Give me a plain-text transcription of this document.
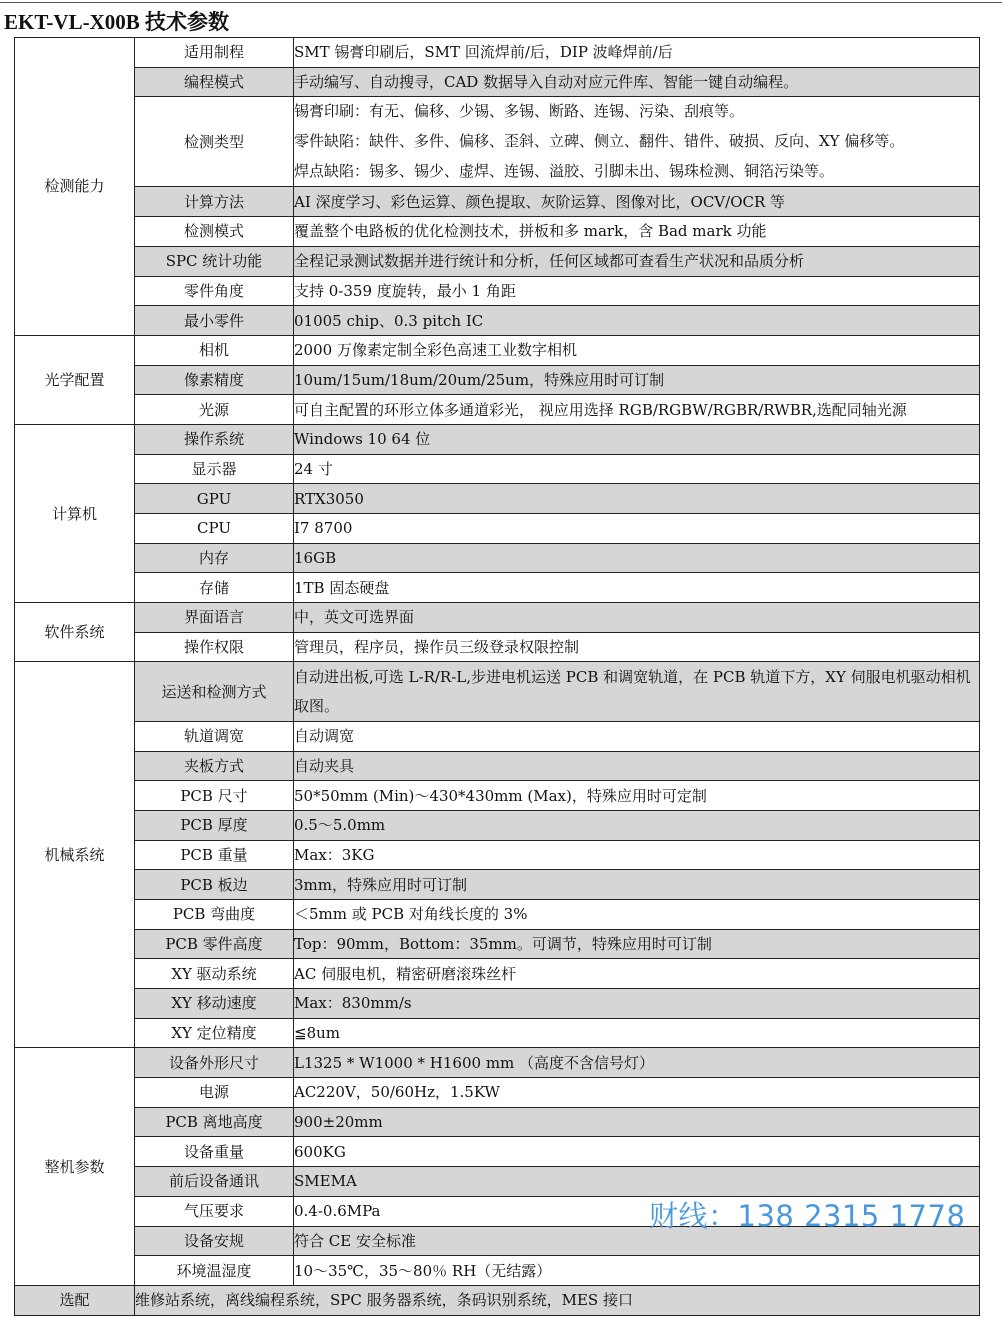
EKT-VL-X00B 技术参数
检测能力	适用制程	SMT 锡膏印刷后，SMT 回流焊前/后，DIP 波峰焊前/后
	编程模式	手动编写、自动搜寻，CAD 数据导入自动对应元件库、智能一键自动编程。
	检测类型	锡膏印刷：有无、偏移、少锡、多锡、断路、连锡、污染、刮痕等。
零件缺陷：缺件、多件、偏移、歪斜、立碑、侧立、翻件、错件、破损、反向、XY 偏移等。
焊点缺陷：锡多、锡少、虚焊、连锡、溢胶、引脚未出、锡珠检测、铜箔污染等。

	计算方法	AI 深度学习、彩色运算、颜色提取、灰阶运算、图像对比，OCV/OCR 等
	检测模式	覆盖整个电路板的优化检测技术，拼板和多 mark，含 Bad mark 功能
	SPC 统计功能	全程记录测试数据并进行统计和分析，任何区域都可查看生产状况和品质分析
	零件角度	支持 0-359 度旋转，最小 1 角距
	最小零件	01005 chip、0.3 pitch IC
光学配置	相机	2000 万像素定制全彩色高速工业数字相机
	像素精度	10um/15um/18um/20um/25um，特殊应用时可订制
	光源	可自主配置的环形立体多通道彩光， 视应用选择 RGB/RGBW/RGBR/RWBR,选配同轴光源
计算机	操作系统	Windows 10 64 位
	显示器	24 寸
	GPU	RTX3050
	CPU	I7 8700
	内存	16GB
	存储	1TB 固态硬盘
软件系统	界面语言	中，英文可选界面
	操作权限	管理员，程序员，操作员三级登录权限控制
机械系统	运送和检测方式	自动进出板,可选 L-R/R-L,步进电机运送 PCB 和调宽轨道，在 PCB 轨道下方，XY 伺服电机驱动相机取图。
	轨道调宽	自动调宽
	夹板方式	自动夹具
	PCB 尺寸	50*50mm (Min)～430*430mm (Max)，特殊应用时可定制
	PCB 厚度	0.5～5.0mm
	PCB 重量	Max：3KG
	PCB 板边	3mm，特殊应用时可订制
	PCB 弯曲度	＜5mm 或 PCB 对角线长度的 3%
	PCB 零件高度	Top：90mm，Bottom：35mm。可调节，特殊应用时可订制
	XY 驱动系统	AC 伺服电机，精密研磨滚珠丝杆
	XY 移动速度	Max：830mm/s
	XY 定位精度	≦8um
整机参数	设备外形尺寸	L1325 * W1000 * H1600 mm （高度不含信号灯）
	电源	AC220V，50/60Hz，1.5KW
	PCB 离地高度	900±20mm
	设备重量	600KG
	前后设备通讯	SMEMA
	气压要求	0.4-0.6MPa
	设备安规	符合 CE 安全标准
	环境温湿度	10～35℃，35～80％ RH（无结露）
选配	维修站系统，离线编程系统，SPC 服务器系统，条码识别系统，MES 接口	
财线：138 2315 1778
